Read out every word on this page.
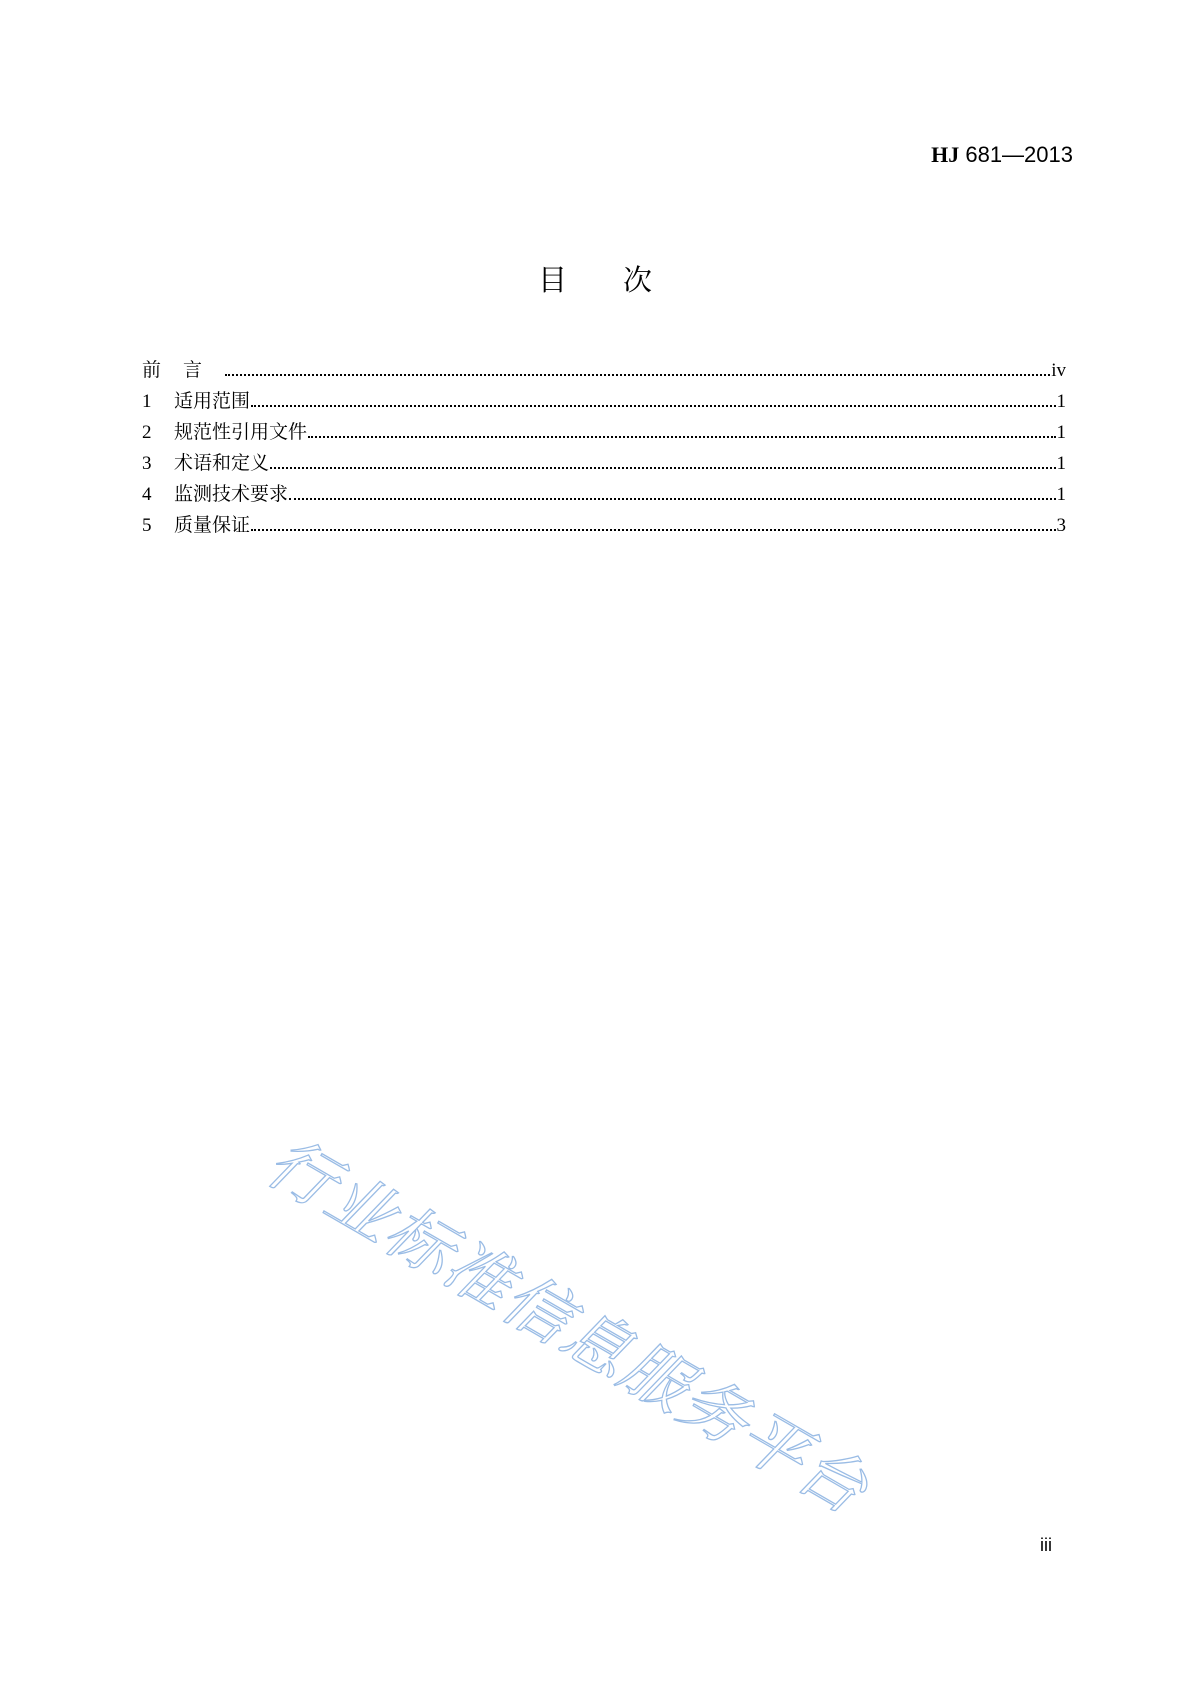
HJ 681—2013
目次
前言	iv
1	适用范围	1
2	规范性引用文件	1
3	术语和定义	1
4	监测技术要求	1
5	质量保证	3
行业标准信息服务平台
iii
